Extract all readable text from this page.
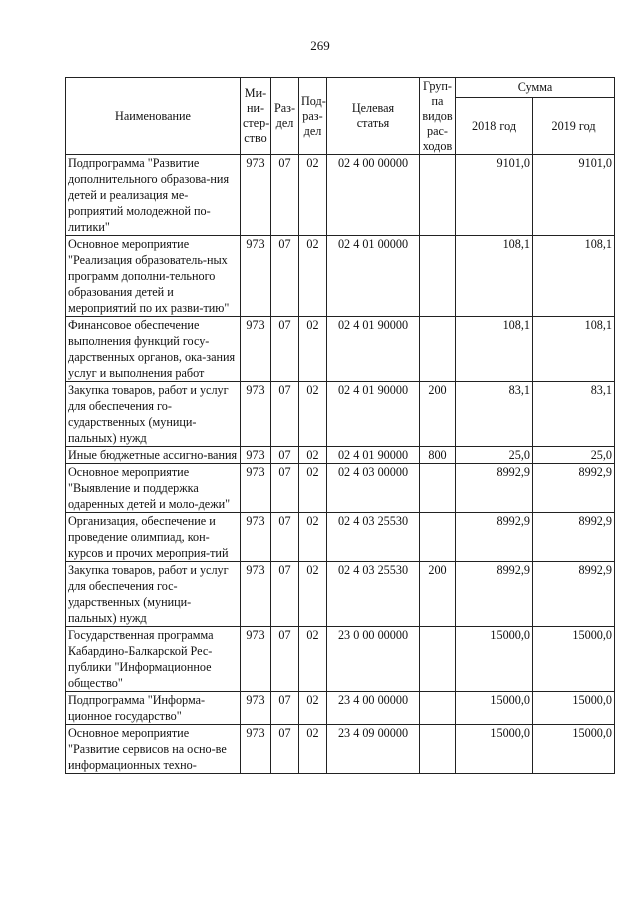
269
Наименование	Ми-
ни-
стер-
ство	Раз-
дел	Под-
раз-
дел	Целевая
статья	Груп-
па
видов
рас-
ходов	Сумма	
						2018 год	2019 год
Подпрограмма "Развитие дополнительного образова-ния детей и реализация ме-роприятий молодежной по-литики"	973	07	02	02 4 00 00000		9101,0	9101,0
Основное мероприятие "Реализация образователь-ных программ дополни-тельного образования детей и мероприятий по их разви-тию"	973	07	02	02 4 01 00000		108,1	108,1
Финансовое обеспечение выполнения функций госу-дарственных органов, ока-зания услуг и выполнения работ	973	07	02	02 4 01 90000		108,1	108,1
Закупка товаров, работ и услуг для обеспечения го-сударственных (муници-пальных) нужд	973	07	02	02 4 01 90000	200	83,1	83,1
Иные бюджетные ассигно-вания	973	07	02	02 4 01 90000	800	25,0	25,0
Основное мероприятие "Выявление и поддержка одаренных детей и моло-дежи"	973	07	02	02 4 03 00000		8992,9	8992,9
Организация, обеспечение и проведение олимпиад, кон-курсов и прочих мероприя-тий	973	07	02	02 4 03 25530		8992,9	8992,9
Закупка товаров, работ и услуг для обеспечения гос-ударственных (муници-пальных) нужд	973	07	02	02 4 03 25530	200	8992,9	8992,9
Государственная программа Кабардино-Балкарской Рес-публики "Информационное общество"	973	07	02	23 0 00 00000		15000,0	15000,0
Подпрограмма "Информа-ционное государство"	973	07	02	23 4 00 00000		15000,0	15000,0
Основное мероприятие "Развитие сервисов на осно-ве информационных техно-	973	07	02	23 4 09 00000		15000,0	15000,0
